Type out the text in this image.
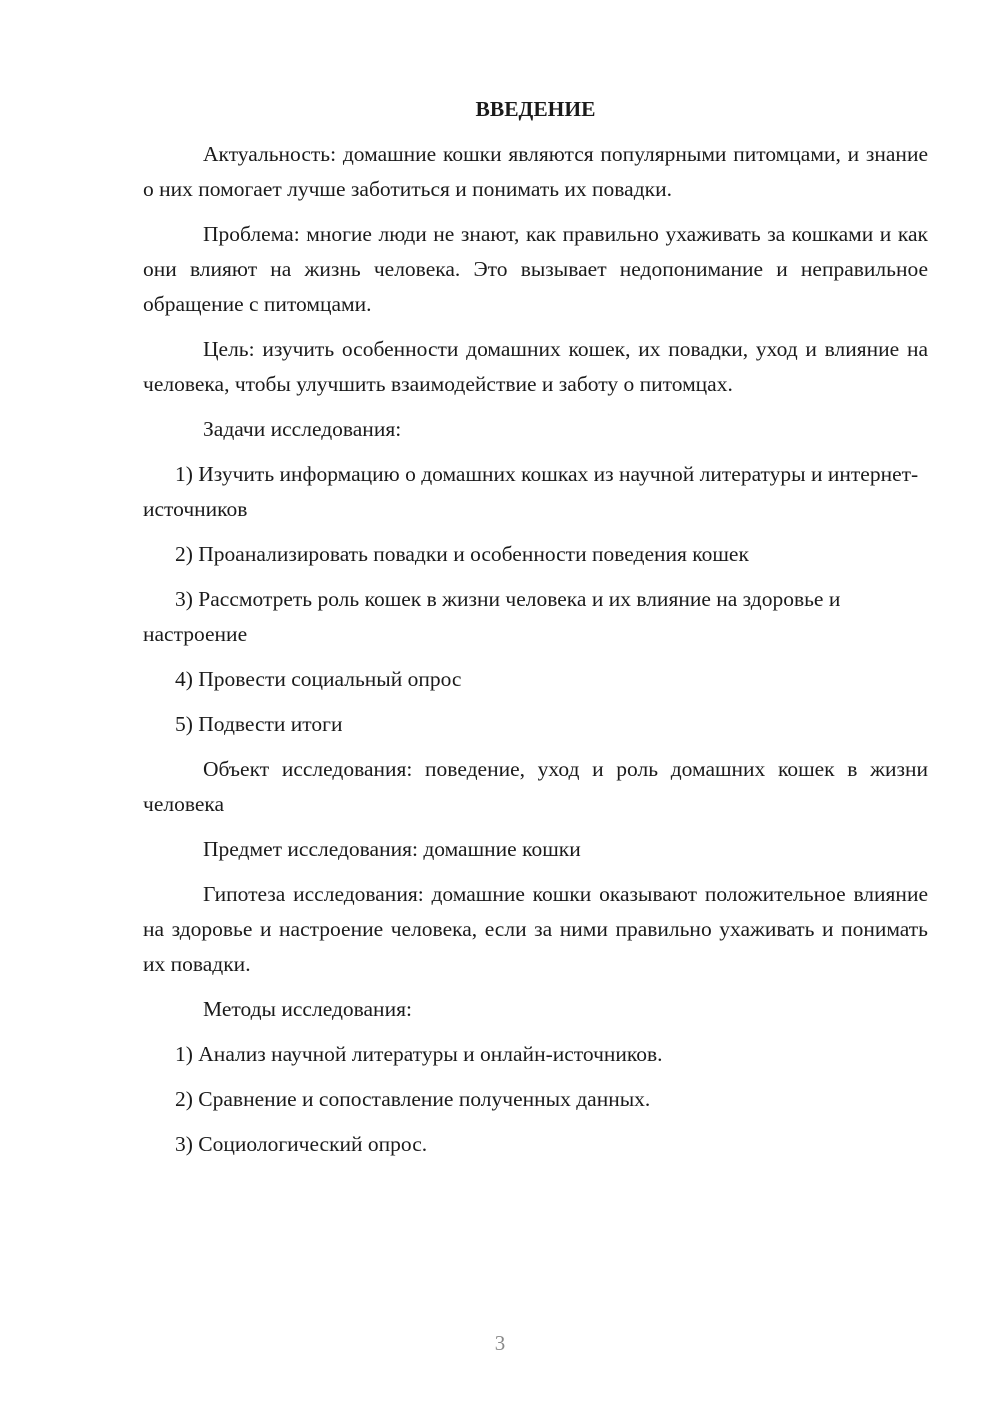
ВВЕДЕНИЕ

Актуальность: домашние кошки являются популярными питомцами, и знание о них помогает лучше заботиться и понимать их повадки.

Проблема: многие люди не знают, как правильно ухаживать за кошками и как они влияют на жизнь человека. Это вызывает недопонимание и неправильное обращение с питомцами.

Цель: изучить особенности домашних кошек, их повадки, уход и влияние на человека, чтобы улучшить взаимодействие и заботу о питомцах.

Задачи исследования:

1) Изучить информацию о домашних кошках из научной литературы и интернет-источников

2) Проанализировать повадки и особенности поведения кошек

3) Рассмотреть роль кошек в жизни человека и их влияние на здоровье и настроение

4) Провести социальный опрос

5) Подвести итоги

Объект исследования: поведение, уход и роль домашних кошек в жизни человека

Предмет исследования: домашние кошки

Гипотеза исследования: домашние кошки оказывают положительное влияние на здоровье и настроение человека, если за ними правильно ухаживать и понимать их повадки.

Методы исследования:

1) Анализ научной литературы и онлайн-источников.

2) Сравнение и сопоставление полученных данных.

3) Социологический опрос.

3
